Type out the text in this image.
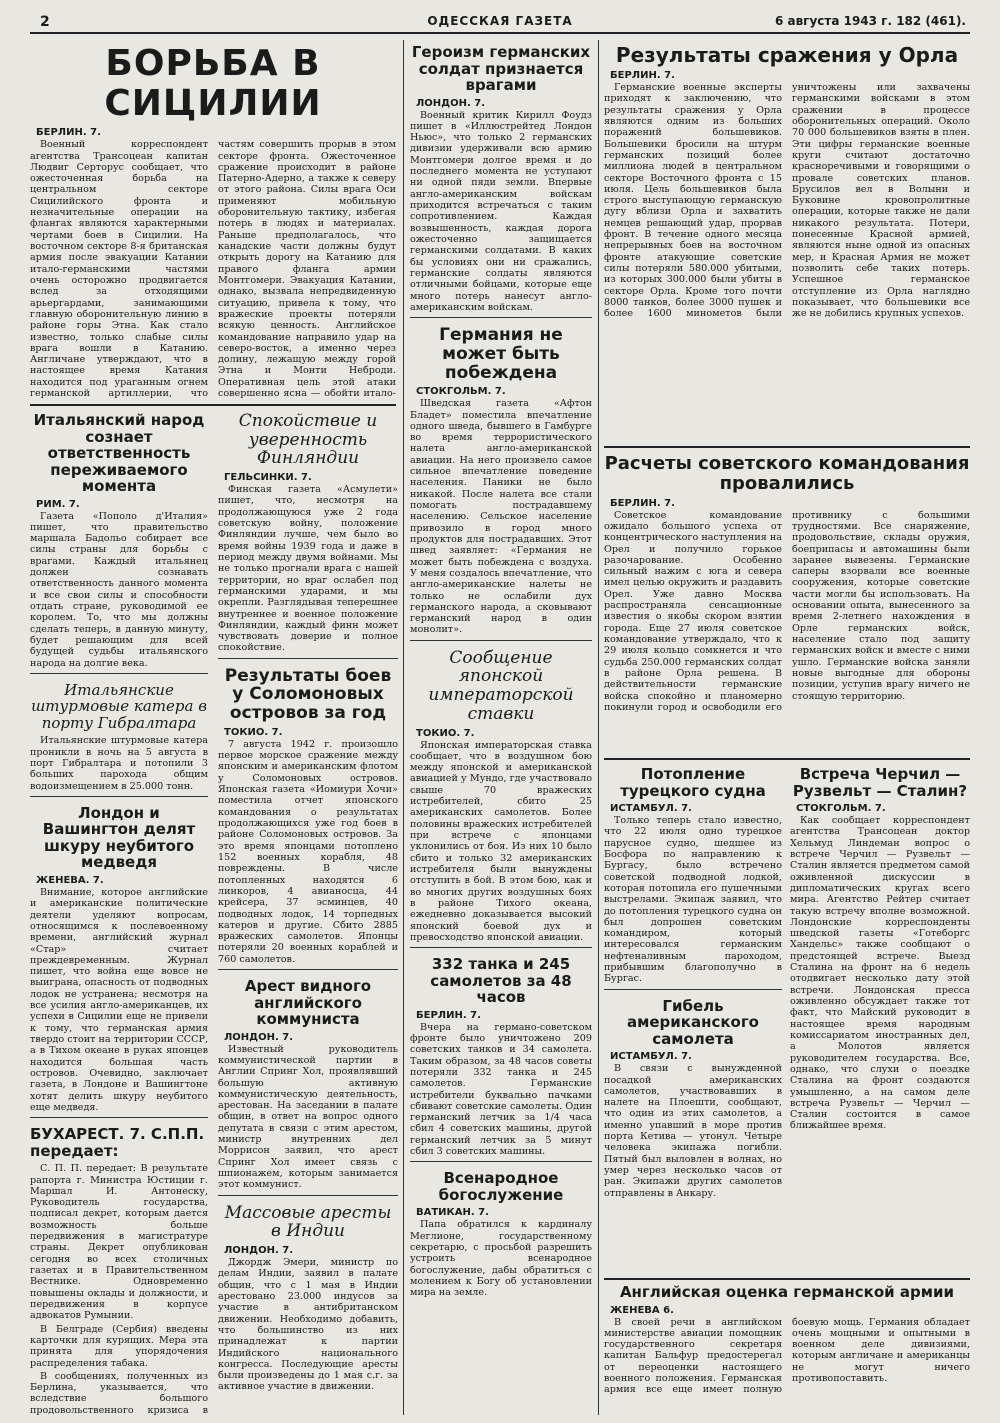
2	ОДЕССКАЯ ГАЗЕТА	6 августа 1943 г. 182 (461).
БОРЬБА В СИЦИЛИИ
БЕРЛИН. 7.

Военный корреспондент агентства Трансоцеан капитан Людвиг Серторус сообщает, что ожесточенная борьба на центральном секторе Сицилийского фронта и незначительные операции на флангах являются характерными чертами боев в Сицилии. На восточном секторе 8-я британская армия после эвакуации Катании итало-германскими частями очень осторожно продвигается вслед за отходящими арьергардами, занимающими главную оборонительную линию в районе горы Этна. Как стало известно, только слабые силы врага вошли в Катанию. Англичане утверждают, что в настоящее время Катания находится под ураганным огнем германской артиллерии, что частям совершить прорыв в этом секторе фронта. Ожесточенное сражение происходит в районе Патерно-Адерно, а также к северу от этого района. Силы врага Оси применяют мобильную оборонительную тактику, избегая потерь в людях и материалах. Раньше предполагалось, что канадские части должны будут открыть дорогу на Катанию для правого фланга армии Монтгомери. Эвакуация Катании, однако, вызвала непредвиденную ситуацию, привела к тому, что вражеские проекты потеряли всякую ценность. Английское командование направило удар на северо-восток, а именно через долину, лежащую между горой Этна и Монти Неброди. Оперативная цель этой атаки совершенно ясна — обойти итало-

Итальянский народ сознает ответственность переживаемого момента
РИМ. 7.

Газета «Пополо д'Италия» пишет, что правительство маршала Бадольо собирает все силы страны для борьбы с врагами. Каждый итальянец должен сознавать ответственность данного момента и все свои силы и способности отдать стране, руководимой ее королем. То, что мы должны сделать теперь, в данную минуту, будет решающим для всей будущей судьбы итальянского народа на долгие века.

Итальянские штурмовые катера в порту Гибралтара

Итальянские штурмовые катера проникли в ночь на 5 августа в порт Гибралтара и потопили 3 больших парохода общим водоизмещением в 25.000 тонн.

Лондон и Вашингтон делят шкуру неубитого медведя
ЖЕНЕВА. 7.

Внимание, которое английские и американские политические деятели уделяют вопросам, относящимся к послевоенному времени, английский журнал «Стар» считает преждевременным. Журнал пишет, что война еще вовсе не выиграна, опасность от подводных лодок не устранена; несмотря на все усилия англо-американцев, их успехи в Сицилии еще не привели к тому, что германская армия твердо стоит на территории СССР, а в Тихом океане в руках японцев находится большая часть островов. Очевидно, заключает газета, в Лондоне и Вашингтоне хотят делить шкуру неубитого еще медведя.

БУХАРЕСТ. 7. С.П.П. передает:

С. П. П. передает: В результате рапорта г. Министра Юстиции г. Маршал И. Антонеску, Руководитель государства, подписал декрет, которым дается возможность больше передвижения в магистратуре страны. Декрет опубликован сегодня во всех столичных газетах и в Правительственном Вестнике. Одновременно повышены оклады и должности, и передвижения в корпусе адвокатов Румынии.

В Белграде (Сербия) введены карточки для курящих. Мера эта принята для упорядочения распределения табака.

В сообщениях, полученных из Берлина, указывается, что вследствие большого продовольственного кризиса в

Спокойствие и уверенность Финляндии
ГЕЛЬСИНКИ. 7.

Финская газета «Асмулети» пишет, что, несмотря на продолжающуюся уже 2 года советскую войну, положение Финляндии лучше, чем было во время войны 1939 года и даже в период между двумя войнами. Мы не только прогнали врага с нашей территории, но враг ослабел под германскими ударами, и мы окрепли. Разглядывая теперешнее внутреннее и военное положение Финляндии, каждый финн может чувствовать доверие и полное спокойствие.

Результаты боев у Соломоновых островов за год
ТОКИО. 7.

7 августа 1942 г. произошло первое морское сражение между японским и американским флотом у Соломоновых островов. Японская газета «Иомиури Хочи» поместила отчет японского командования о результатах продолжающихся уже год боев в районе Соломоновых островов. За это время японцами потоплено 152 военных корабля, 48 повреждены. В числе потопленных находятся 6 линкоров, 4 авианосца, 44 крейсера, 37 эсминцев, 40 подводных лодок, 14 торпедных катеров и другие. Сбито 2885 вражеских самолетов. Японцы потеряли 20 военных кораблей и 760 самолетов.

Арест видного английского коммуниста
ЛОНДОН. 7.

Известный руководитель коммунистической партии в Англии Спринг Хол, проявлявший большую активную коммунистическую деятельность, арестован. На заседании в палате общин, в ответ на вопрос одного депутата в связи с этим арестом, министр внутренних дел Моррисон заявил, что арест Спринг Хол имеет связь с шпионажем, которым занимается этот коммунист.

Массовые аресты в Индии
ЛОНДОН. 7.

Джордж Эмери, министр по делам Индии, заявил в палате общин, что с 1 мая в Индии арестовано 23.000 индусов за участие в антибританском движении. Необходимо добавить, что большинство из них принадлежат к партии Индийского национального конгресса. Последующие аресты были произведены до 1 мая с.г. за активное участие в движении.

Героизм германских солдат признается врагами
ЛОНДОН. 7.

Военный критик Кирилл Фоудз пишет в «Иллюстрейтед Лондон Ньюс», что только 2 германских дивизии удерживали всю армию Монтгомери долгое время и до последнего момента не уступают ни одной пяди земли. Впервые англо-американским войскам приходится встречаться с таким сопротивлением. Каждая возвышенность, каждая дорога ожесточенно защищается германскими солдатами. В каких бы условиях они ни сражались, германские солдаты являются отличными бойцами, которые еще много потерь нанесут англо-американским войскам.

Германия не может быть побеждена
СТОКГОЛЬМ. 7.

Шведская газета «Афтон Бладет» поместила впечатление одного шведа, бывшего в Гамбурге во время террористического налета англо-американской авиации. На него произвело самое сильное впечатление поведение населения. Паники не было никакой. После налета все стали помогать пострадавшему населению. Сельское население привозило в город много продуктов для пострадавших. Этот швед заявляет: «Германия не может быть побеждена с воздуха. У меня создалось впечатление, что англо-американские налеты не только не ослабили дух германского народа, а сковывают германский народ в один монолит».

Сообщение японской императорской ставки
ТОКИО. 7.

Японская императорская ставка сообщает, что в воздушном бою между японской и американской авиацией у Мундо, где участвовало свыше 70 вражеских истребителей, сбито 25 американских самолетов. Более половины вражеских истребителей при встрече с японцами уклонились от боя. Из них 10 было сбито и только 32 американских истребителя были вынуждены отступить в бой. В этом бою, как и во многих других воздушных боях в районе Тихого океана, ежедневно доказывается высокий японский боевой дух и превосходство японской авиации.

332 танка и 245 самолетов за 48 часов
БЕРЛИН. 7.

Вчера на германо-советском фронте было уничтожено 209 советских танков и 34 самолета. Таким образом, за 48 часов советы потеряли 332 танка и 245 самолетов. Германские истребители буквально пачками сбивают советские самолеты. Один германский летчик за 1/4 часа сбил 4 советских машины, другой германский летчик за 5 минут сбил 3 советских машины.

Всенародное богослужение
ВАТИКАН. 7.

Папа обратился к кардиналу Меглионе, государственному секретарю, с просьбой разрешить устроить всенародное богослужение, дабы обратиться с молением к Богу об установлении мира на земле.

Результаты сражения у Орла
БЕРЛИН. 7.

Германские военные эксперты приходят к заключению, что результаты сражения у Орла являются одним из больших поражений большевиков. Большевики бросили на штурм германских позиций более миллиона людей в центральном секторе Восточного фронта с 15 июля. Цель большевиков была строго выступающую германскую дугу вблизи Орла и захватить немцев решающий удар, прорвав фронт. В течение одного месяца непрерывных боев на восточном фронте атакующие советские силы потеряли 580.000 убитыми, из которых 300.000 были убиты в секторе Орла. Кроме того почти 8000 танков, более 3000 пушек и более 1600 минометов были уничтожены или захвачены германскими войсками в этом сражении в процессе оборонительных операций. Около 70 000 большевиков взяты в плен. Эти цифры германские военные круги считают достаточно красноречивыми и говорящими о провале советских планов. Брусилов вел в Волыни и Буковине кровопролитные операции, которые также не дали никакого результата. Потери, понесенные Красной армией, являются ныне одной из опасных мер, и Красная Армия не может позволить себе таких потерь. Успешное германское отступление из Орла наглядно показывает, что большевики все же не добились крупных успехов.

Расчеты советского командования провалились
БЕРЛИН. 7.

Советское командование ожидало большого успеха от концентрического наступления на Орел и получило горькое разочарование. Особенно сильный нажим с юга и севера имел целью окружить и раздавить Орел. Уже давно Москва распространяла сенсационные известия о якобы скором взятии города. Еще 27 июля советское командование утверждало, что к 29 июля кольцо сомкнется и что судьба 250.000 германских солдат в районе Орла решена. В действительности германские войска спокойно и планомерно покинули город и освободили его противнику с большими трудностями. Все снаряжение, продовольствие, склады оружия, боеприпасы и автомашины были заранее вывезены. Германские саперы взорвали все военные сооружения, которые советские части могли бы использовать. На основании опыта, вынесенного за время 2-летнего нахождения в Орле германских войск, население стало под защиту германских войск и вместе с ними ушло. Германские войска заняли новые выгодные для обороны позиции, уступив врагу ничего не стоящую территорию.

Потопление турецкого судна
ИСТАМБУЛ. 7.

Только теперь стало известно, что 22 июля одно турецкое парусное судно, шедшее из Босфора по направлению к Бургасу, было встречено советской подводной лодкой, которая потопила его пушечными выстрелами. Экипаж заявил, что до потопления турецкого судна он был допрошен советским командиром, который интересовался германским нефтеналивным пароходом, прибывшим благополучно в Бургас.

Гибель американского самолета
ИСТАМБУЛ. 7.

В связи с вынужденной посадкой американских самолетов, участвовавших в налете на Плоешти, сообщают, что один из этих самолетов, а именно упавший в море против порта Кетива — утонул. Четыре человека экипажа погибли. Пятый был выловлен в волнах, но умер через несколько часов от ран. Экипажи других самолетов отправлены в Анкару.

Встреча Черчил — Рузвельт — Сталин?
СТОКГОЛЬМ. 7.

Как сообщает корреспондент агентства Трансоцеан доктор Хельмуд Линдеман вопрос о встрече Черчил — Рузвельт — Сталин является предметом самой оживленной дискуссии в дипломатических кругах всего мира. Агентство Рейтер считает такую встречу вполне возможной. Лондонские корреспонденты шведской газеты «Готеборгс Хандельс» также сообщают о предстоящей встрече. Выезд Сталина на фронт на 6 недель отодвигает несколько дату этой встречи. Лондонская пресса оживленно обсуждает также тот факт, что Майский руководит в настоящее время народным комиссариатом иностранных дел, а Молотов является руководителем государства. Все, однако, что слухи о поездке Сталина на фронт создаются умышленно, а на самом деле встреча Рузвельт — Черчил — Сталин состоится в самое ближайшее время.

Английская оценка германской армии
ЖЕНЕВА 6.

В своей речи в английском министерстве авиации помощник государственного секретаря капитан Бальфур предостерегал от переоценки настоящего военного положения. Германская армия все еще имеет полную боевую мощь. Германия обладает очень мощными и опытными в военном деле дивизиями, которым англичане и американцы не могут ничего противопоставить.
